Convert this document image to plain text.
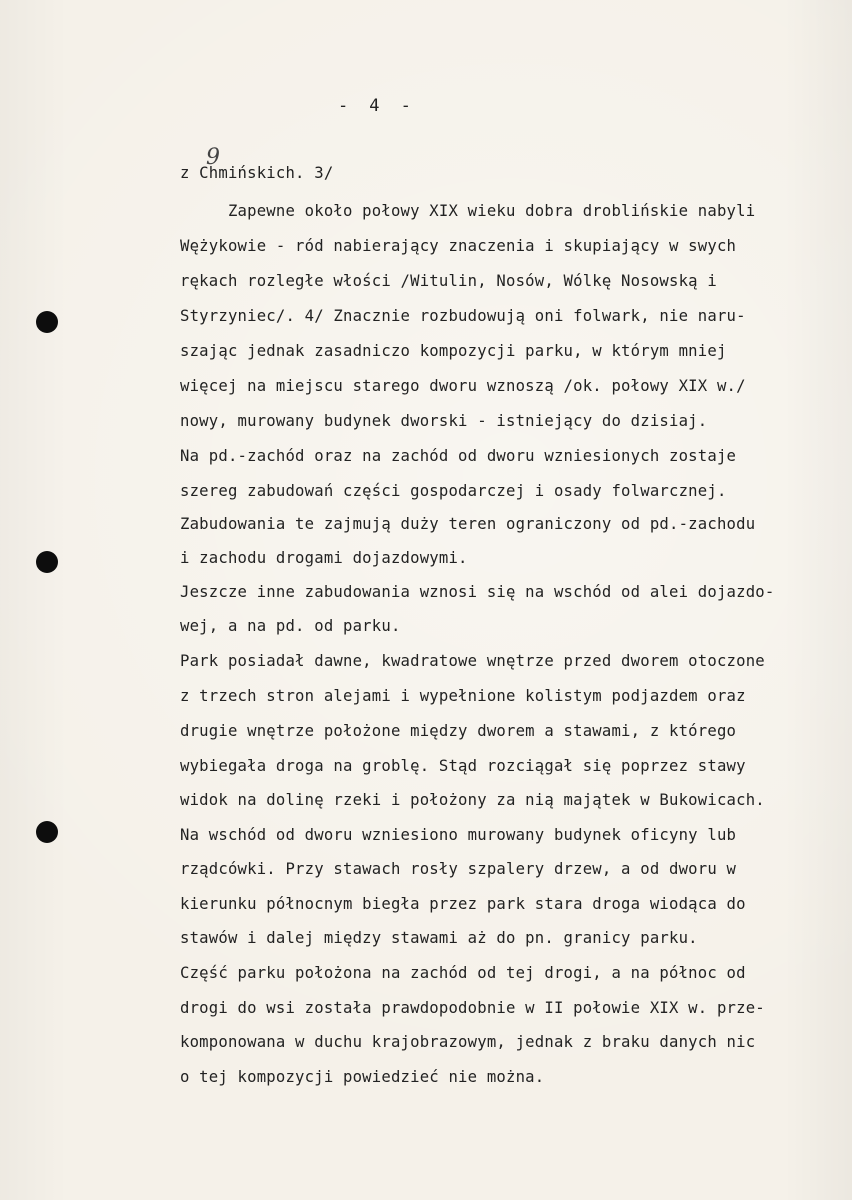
-  4  -
9
z Chmińskich. 3/
Zapewne około połowy XIX wieku dobra droblińskie nabyli
Wężykowie - ród nabierający znaczenia i skupiający w swych
rękach rozległe włości /Witulin, Nosów, Wólkę Nosowską i
Styrzyniec/. 4/ Znacznie rozbudowują oni folwark, nie naru-
szając jednak zasadniczo kompozycji parku, w którym mniej
więcej na miejscu starego dworu wznoszą /ok. połowy XIX w./
nowy, murowany budynek dworski - istniejący do dzisiaj.
Na pd.-zachód oraz na zachód od dworu wzniesionych zostaje
szereg zabudowań części gospodarczej i osady folwarcznej.
Zabudowania te zajmują duży teren ograniczony od pd.-zachodu
i zachodu drogami dojazdowymi.
Jeszcze inne zabudowania wznosi się na wschód od alei dojazdo-
wej, a na pd. od parku.
Park posiadał dawne, kwadratowe wnętrze przed dworem otoczone
z trzech stron alejami i wypełnione kolistym podjazdem oraz
drugie wnętrze położone między dworem a stawami, z którego
wybiegała droga na groblę. Stąd rozciągał się poprzez stawy
widok na dolinę rzeki i położony za nią majątek w Bukowicach.
Na wschód od dworu wzniesiono murowany budynek oficyny lub
rządcówki. Przy stawach rosły szpalery drzew, a od dworu w
kierunku północnym biegła przez park stara droga wiodąca do
stawów i dalej między stawami aż do pn. granicy parku.
Część parku położona na zachód od tej drogi, a na północ od
drogi do wsi została prawdopodobnie w II połowie XIX w. prze-
komponowana w duchu krajobrazowym, jednak z braku danych nic
o tej kompozycji powiedzieć nie można.
